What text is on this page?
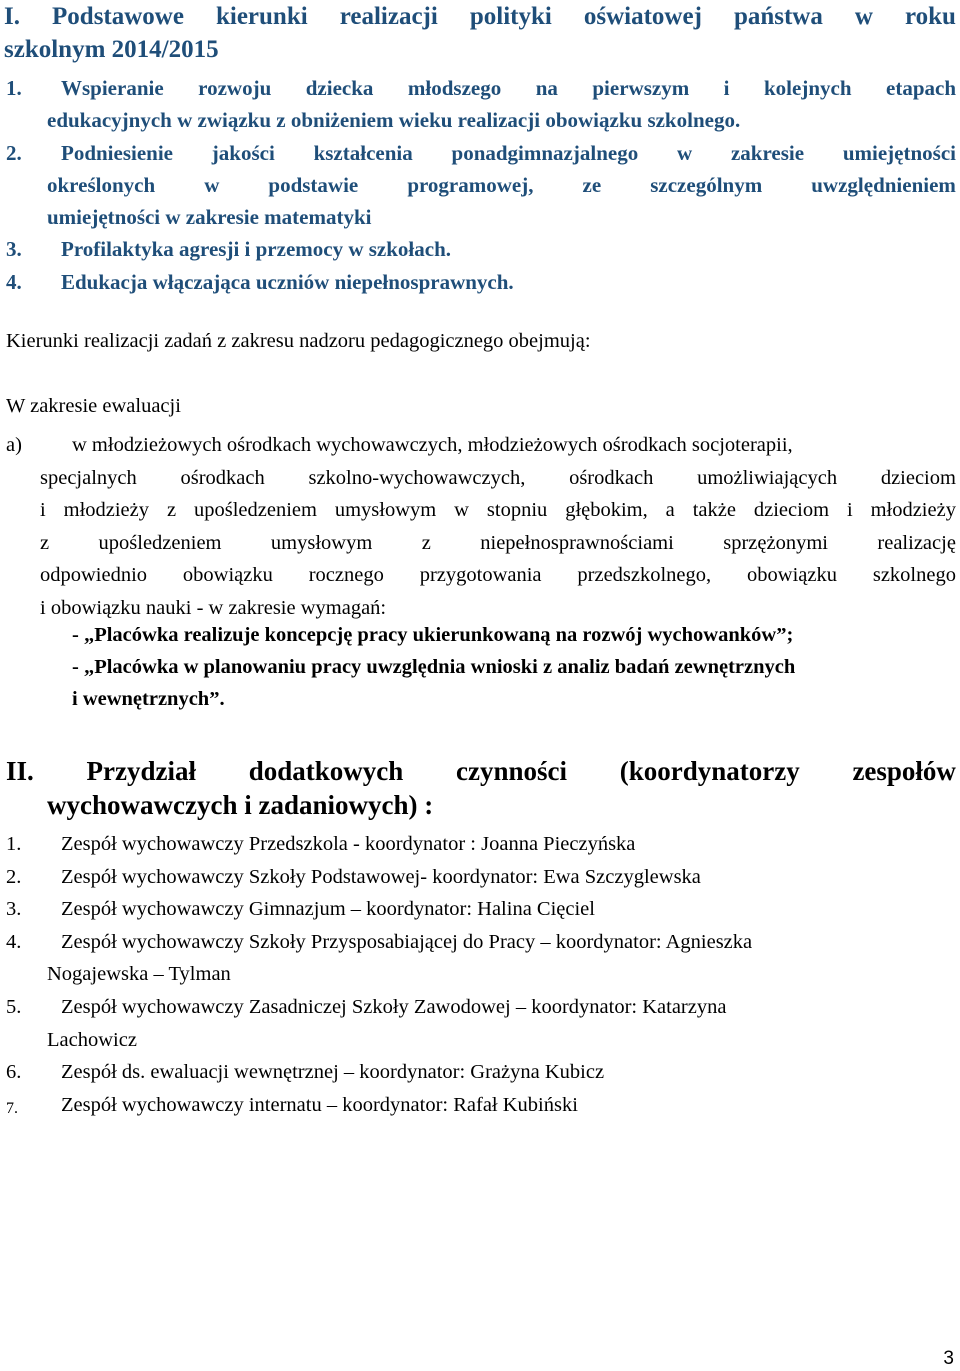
I. Podstawowe kierunki realizacji polityki oświatowej państwa w roku
szkolnym 2014/2015
1. Wspieranie rozwoju dziecka młodszego na pierwszym i kolejnych etapach
edukacyjnych w związku z obniżeniem wieku realizacji obowiązku szkolnego.
2. Podniesienie jakości kształcenia ponadgimnazjalnego w zakresie umiejętności
określonych w podstawie programowej, ze szczególnym uwzględnieniem
umiejętności w zakresie matematyki
3. Profilaktyka agresji i przemocy w szkołach.
4. Edukacja włączająca uczniów niepełnosprawnych.
Kierunki realizacji zadań z zakresu nadzoru pedagogicznego obejmują:
W zakresie ewaluacji
a) w młodzieżowych ośrodkach wychowawczych, młodzieżowych ośrodkach socjoterapii,
specjalnych ośrodkach szkolno-wychowawczych, ośrodkach umożliwiających dzieciom
i młodzieży z upośledzeniem umysłowym w stopniu głębokim, a także dzieciom i młodzieży
z upośledzeniem umysłowym z niepełnosprawnościami sprzężonymi realizację
odpowiednio obowiązku rocznego przygotowania przedszkolnego, obowiązku szkolnego
i obowiązku nauki - w zakresie wymagań:
- „Placówka realizuje koncepcję pracy ukierunkowaną na rozwój wychowanków”;
- „Placówka w planowaniu pracy uwzględnia wnioski z analiz badań zewnętrznych
i wewnętrznych”.
II. Przydział dodatkowych czynności (koordynatorzy zespołów
wychowawczych i zadaniowych) :
1. Zespół wychowawczy Przedszkola - koordynator : Joanna Pieczyńska
2. Zespół wychowawczy Szkoły Podstawowej- koordynator: Ewa Szczyglewska
3. Zespół wychowawczy Gimnazjum – koordynator: Halina Cięciel
4. Zespół wychowawczy Szkoły Przysposabiającej do Pracy – koordynator: Agnieszka
Nogajewska – Tylman
5. Zespół wychowawczy Zasadniczej Szkoły Zawodowej – koordynator: Katarzyna
Lachowicz
6. Zespół ds. ewaluacji wewnętrznej – koordynator: Grażyna Kubicz
7. Zespół wychowawczy internatu – koordynator: Rafał Kubiński
3
